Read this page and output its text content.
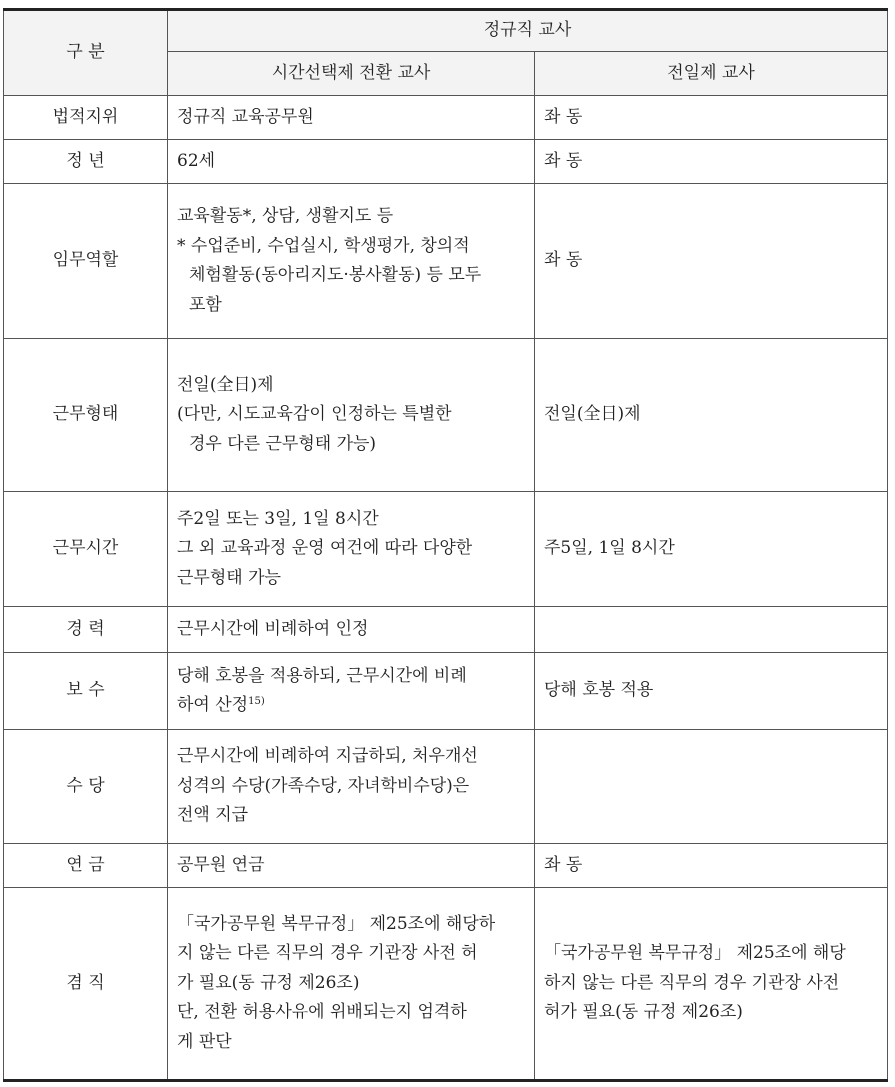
구 분	정규직 교사	
	시간선택제 전환 교사	전일제 교사
법적지위	정규직 교육공무원	좌 동

정 년	62세	좌 동

임무역할	교육활동*, 상담, 생활지도 등
* 수업준비, 수업실시, 학생평가, 창의적
체험활동(동아리지도·봉사활동) 등 모두
포함	좌 동

근무형태	전일(全日)제
(다만, 시도교육감이 인정하는 특별한
경우 다른 근무형태 가능)	전일(全日)제

근무시간	주2일 또는 3일, 1일 8시간
그 외 교육과정 운영 여건에 따라 다양한
근무형태 가능	주5일, 1일 8시간

경 력	근무시간에 비례하여 인정	

보 수	당해 호봉을 적용하되, 근무시간에 비례
하여 산정$^{15)}$	당해 호봉 적용

수 당	근무시간에 비례하여 지급하되, 처우개선
성격의 수당(가족수당, 자녀학비수당)은
전액 지급	

연 금	공무원 연금	좌 동

겸 직	「국가공무원 복무규정」 제25조에 해당하
지 않는 다른 직무의 경우 기관장 사전 허
가 필요(동 규정 제26조)
단, 전환 허용사유에 위배되는지 엄격하
게 판단	「국가공무원 복무규정」 제25조에 해당
하지 않는 다른 직무의 경우 기관장 사전
허가 필요(동 규정 제26조)
